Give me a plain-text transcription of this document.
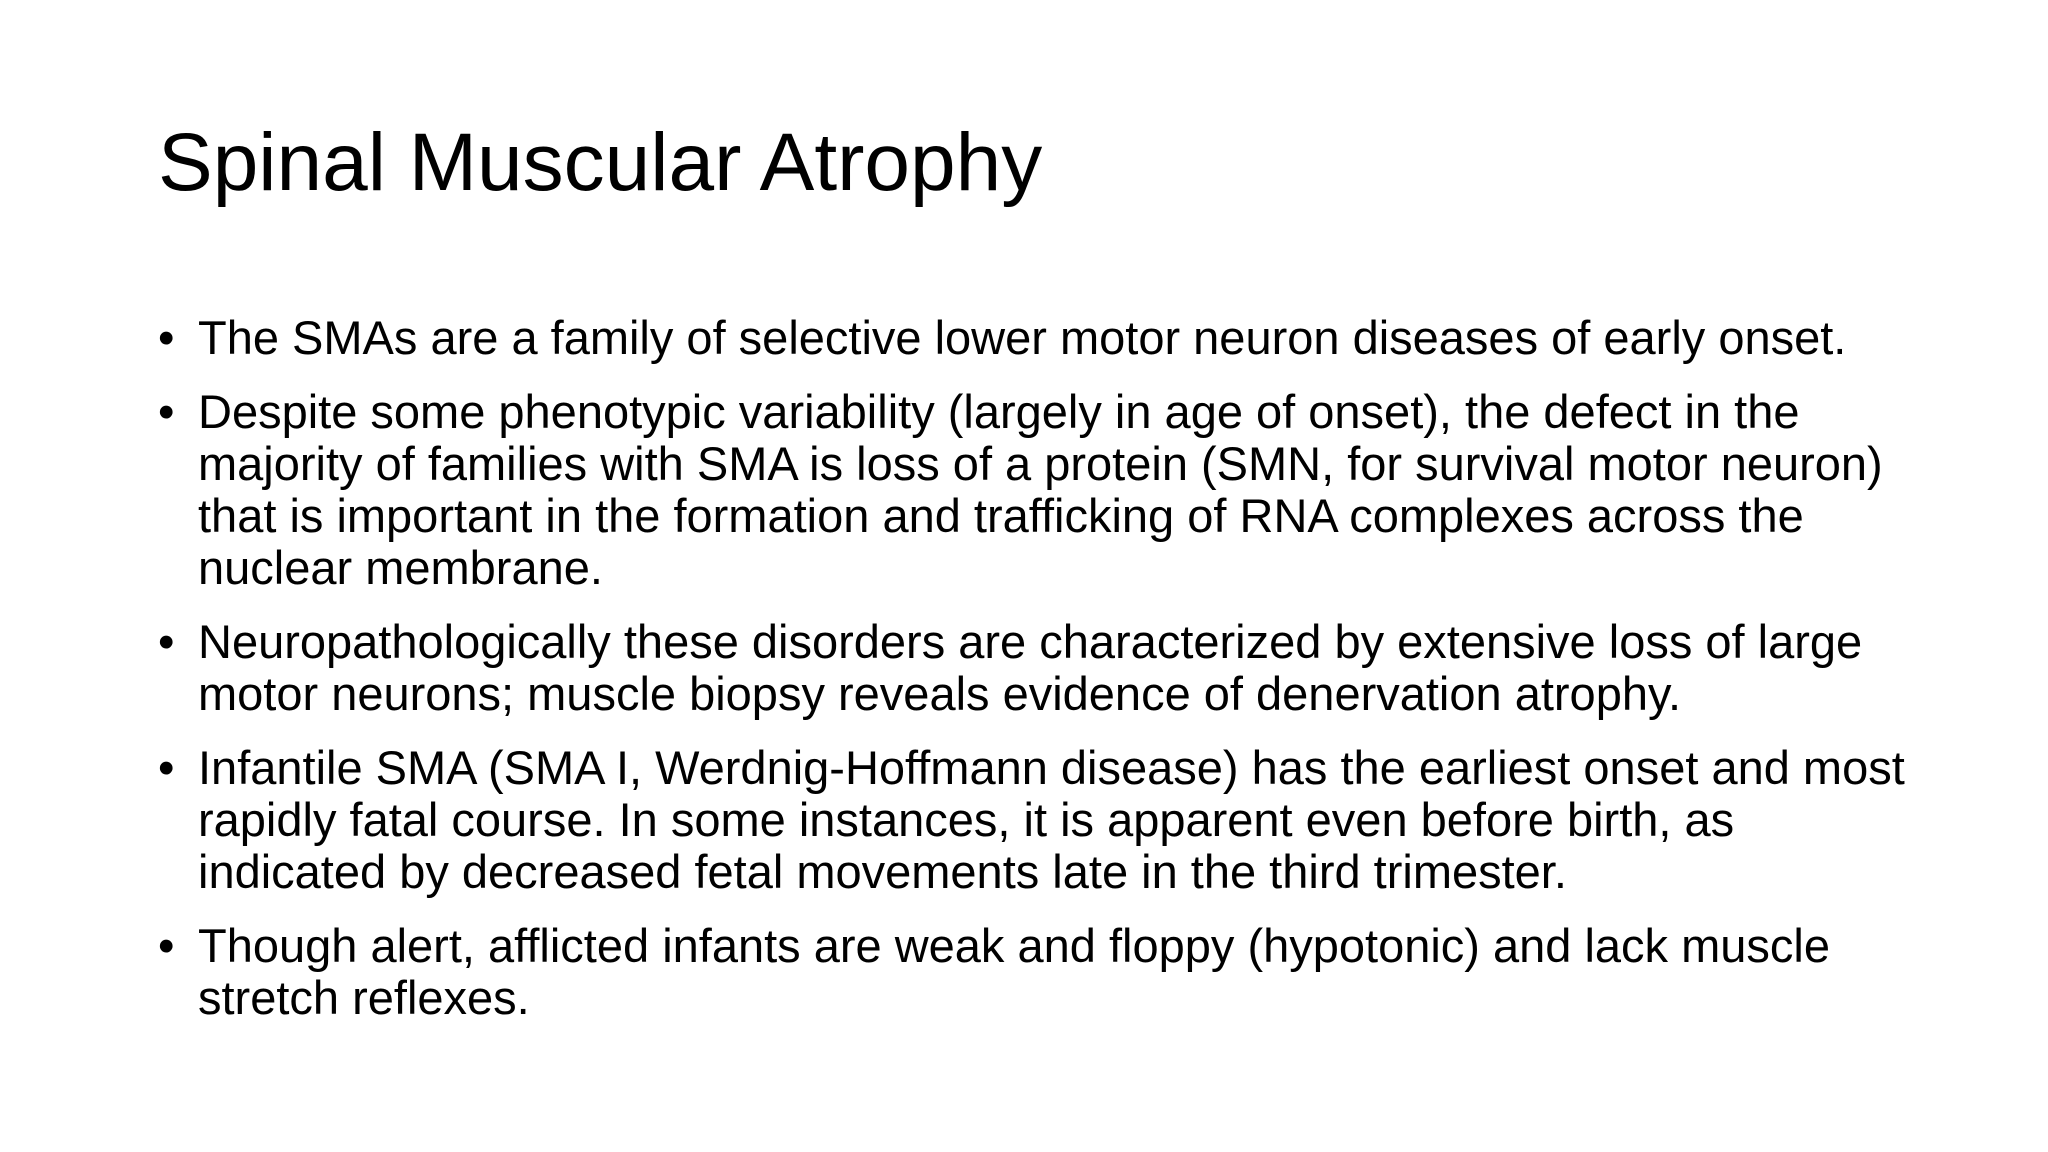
Spinal Muscular Atrophy
• The SMAs are a family of selective lower motor neuron diseases of early onset.
• Despite some phenotypic variability (largely in age of onset), the defect in the majority of families with SMA is loss of a protein (SMN, for survival motor neuron) that is important in the formation and trafficking of RNA complexes across the nuclear membrane.
• Neuropathologically these disorders are characterized by extensive loss of large motor neurons; muscle biopsy reveals evidence of denervation atrophy.
• Infantile SMA (SMA I, Werdnig-Hoffmann disease) has the earliest onset and most rapidly fatal course. In some instances, it is apparent even before birth, as indicated by decreased fetal movements late in the third trimester.
• Though alert, afflicted infants are weak and floppy (hypotonic) and lack muscle stretch reflexes.
